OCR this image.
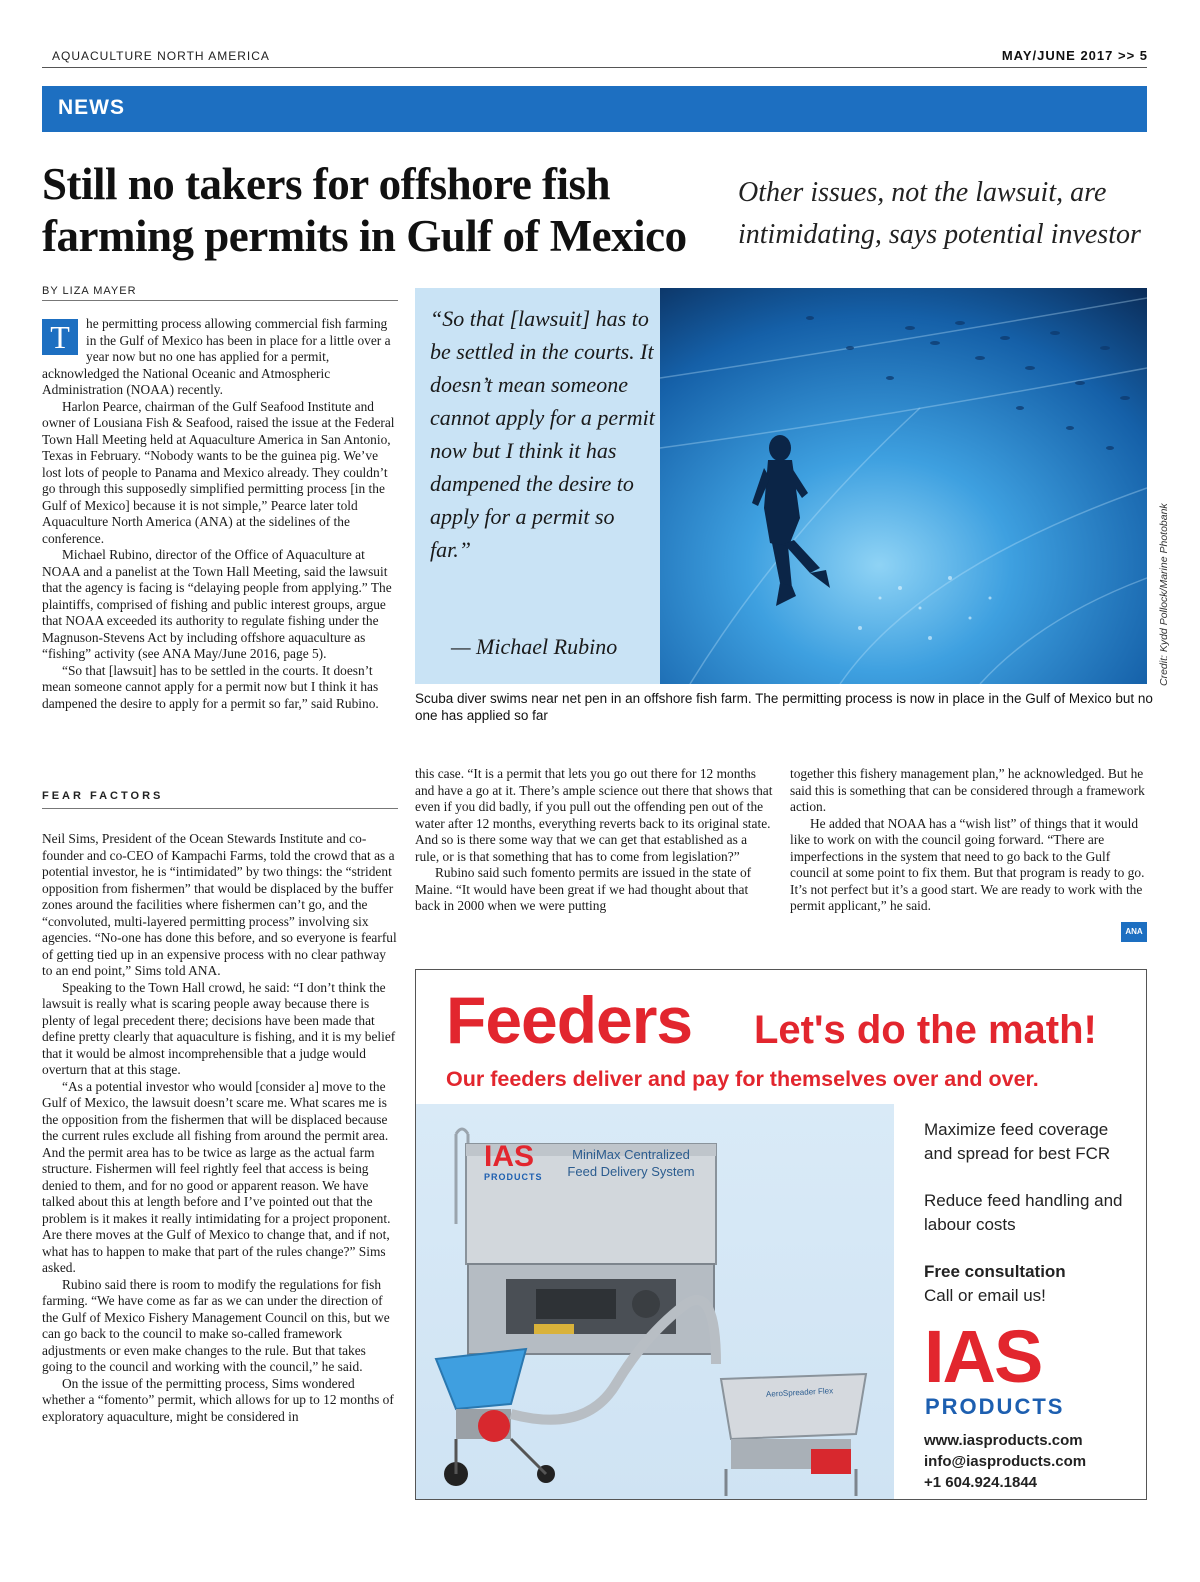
AQUACULTURE NORTH AMERICA	MAY/JUNE 2017 >> 5
NEWS
Still no takers for offshore fish farming permits in Gulf of Mexico
Other issues, not the lawsuit, are intimidating, says potential investor
BY LIZA MAYER

T	he permitting process allowing commercial fish farming in the Gulf of Mexico has been in place for a little over a year now but no one has applied for a permit, acknowledged the National Oceanic and Atmospheric Administration (NOAA) recently.

Harlon Pearce, chairman of the Gulf Seafood Institute and owner of Lousiana Fish & Seafood, raised the issue at the Federal Town Hall Meeting held at Aquaculture America in San Antonio, Texas in February. “Nobody wants to be the guinea pig. We’ve lost lots of people to Panama and Mexico already. They couldn’t go through this supposedly simplified permitting process [in the Gulf of Mexico] because it is not simple,” Pearce later told Aquaculture North America (ANA) at the sidelines of the conference.

Michael Rubino, director of the Office of Aquaculture at NOAA and a panelist at the Town Hall Meeting, said the lawsuit that the agency is facing is “delaying people from applying.” The plaintiffs, comprised of fishing and public interest groups, argue that NOAA exceeded its authority to regulate fishing under the Magnuson-Stevens Act by including offshore aquaculture as “fishing” activity (see ANA May/June 2016, page 5).

“So that [lawsuit] has to be settled in the courts. It doesn’t mean someone cannot apply for a permit now but I think it has dampened the desire to apply for a permit so far,” said Rubino.

FEAR FACTORS

Neil Sims, President of the Ocean Stewards Institute and co-founder and co-CEO of Kampachi Farms, told the crowd that as a potential investor, he is “intimidated” by two things: the “strident opposition from fishermen” that would be displaced by the buffer zones around the facilities where fishermen can’t go, and the “convoluted, multi-layered permitting process” involving six agencies. “No-one has done this before, and so everyone is fearful of getting tied up in an expensive process with no clear pathway to an end point,” Sims told ANA.

Speaking to the Town Hall crowd, he said: “I don’t think the lawsuit is really what is scaring people away because there is plenty of legal precedent there; decisions have been made that define pretty clearly that aquaculture is fishing, and it is my belief that it would be almost incomprehensible that a judge would overturn that at this stage.

“As a potential investor who would [consider a] move to the Gulf of Mexico, the lawsuit doesn’t scare me. What scares me is the opposition from the fishermen that will be displaced because the current rules exclude all fishing from around the permit area. And the permit area has to be twice as large as the actual farm structure. Fishermen will feel rightly feel that access is being denied to them, and for no good or apparent reason. We have talked about this at length before and I’ve pointed out that the problem is it makes it really intimidating for a project proponent. Are there moves at the Gulf of Mexico to change that, and if not, what has to happen to make that part of the rules change?” Sims asked.

Rubino said there is room to modify the regulations for fish farming. “We have come as far as we can under the direction of the Gulf of Mexico Fishery Management Council on this, but we can go back to the council to make so-called framework adjustments or even make changes to the rule. But that takes going to the council and working with the council,” he said.

On the issue of the permitting process, Sims wondered whether a “fomento” permit, which allows for up to 12 months of exploratory aquaculture, might be considered in

“So that [lawsuit] has to be settled in the courts. It doesn’t mean someone cannot apply for a permit now but I think it has dampened the desire to apply for a permit so far.”
— Michael Rubino	Credit: Kydd Pollock/Marine Photobank
Scuba diver swims near net pen in an offshore fish farm. The permitting process is now in place in the Gulf of Mexico but no one has applied so far

this case. “It is a permit that lets you go out there for 12 months and have a go at it. There’s ample science out there that shows that even if you did badly, if you pull out the offending pen out of the water after 12 months, everything reverts back to its original state. And so is there some way that we can get that established as a rule, or is that something that has to come from legislation?”

Rubino said such fomento permits are issued in the state of Maine. “It would have been great if we had thought about that back in 2000 when we were putting

together this fishery management plan,” he acknowledged. But he said this is something that can be considered through a framework action.

He added that NOAA has a “wish list” of things that it would like to work on with the council going forward. “There are imperfections in the system that need to go back to the Gulf council at some point to fix them. But that program is ready to go. It’s not perfect but it’s a good start. We are ready to work with the permit applicant,” he said.

ANA
Feeders Let's do the math!
Our feeders deliver and pay for themselves over and over.
IAS
PRODUCTS
MiniMax Centralized Feed Delivery System
AeroSpreader Flex
Maximize feed coverage and spread for best FCR
Reduce feed handling and labour costs
Free consultation
Call or email us!
IAS
PRODUCTS
www.iasproducts.com
info@iasproducts.com
+1 604.924.1844
